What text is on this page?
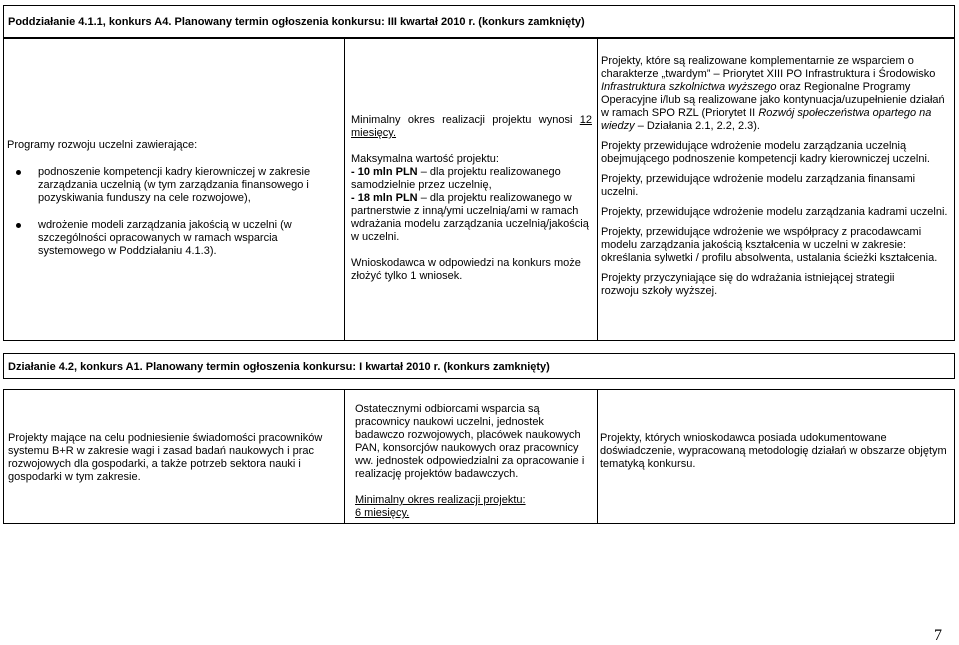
Poddziałanie 4.1.1, konkurs A4. Planowany termin ogłoszenia konkursu: III kwartał 2010 r. (konkurs zamknięty)

Programy rozwoju uczelni zawierające:

podnoszenie kompetencji kadry kierowniczej w zakresie zarządzania uczelnią (w tym zarządzania finansowego i pozyskiwania funduszy na cele rozwojowe),
wdrożenie modeli zarządzania jakością w uczelni (w szczególności opracowanych w ramach wsparcia systemowego w Poddziałaniu 4.1.3).

Minimalny okres realizacji projektu wynosi 12 miesięcy.

Maksymalna wartość projektu:

- 10 mln PLN – dla projektu realizowanego samodzielnie przez uczelnię,

- 18 mln PLN – dla projektu realizowanego w partnerstwie z inną/ymi uczelnią/ami w ramach wdrażania modelu zarządzania uczelnią/jakością w uczelni.

Wnioskodawca w odpowiedzi na konkurs może złożyć tylko 1 wniosek.

Projekty, które są realizowane komplementarnie ze wsparciem o charakterze „twardym” – Priorytet XIII PO Infrastruktura i Środowisko Infrastruktura szkolnictwa wyższego oraz Regionalne Programy Operacyjne i/lub są realizowane jako kontynuacja/uzupełnienie działań w ramach SPO RZL (Priorytet II Rozwój społeczeństwa opartego na wiedzy – Działania 2.1, 2.2, 2.3).

Projekty przewidujące wdrożenie modelu zarządzania uczelnią obejmującego podnoszenie kompetencji kadry kierowniczej uczelni.

Projekty, przewidujące wdrożenie modelu zarządzania finansami uczelni.

Projekty, przewidujące wdrożenie modelu zarządzania kadrami uczelni.

Projekty, przewidujące wdrożenie we współpracy z pracodawcami modelu zarządzania jakością kształcenia w uczelni w zakresie: określania sylwetki / profilu absolwenta, ustalania ścieżki kształcenia.

Projekty przyczyniające się do wdrażania istniejącej strategii rozwoju szkoły wyższej.

Działanie 4.2, konkurs A1. Planowany termin ogłoszenia konkursu: I kwartał 2010 r. (konkurs zamknięty)
Projekty mające na celu podniesienie świadomości pracowników systemu B+R w zakresie wagi i zasad badań naukowych i prac rozwojowych dla gospodarki, a także potrzeb sektora nauki i gospodarki w tym zakresie.

Ostatecznymi odbiorcami wsparcia są pracownicy naukowi uczelni, jednostek badawczo rozwojowych, placówek naukowych PAN, konsorcjów naukowych oraz pracownicy ww. jednostek odpowiedzialni za opracowanie i realizację projektów badawczych.

Minimalny okres realizacji projektu:

6 miesięcy.

Projekty, których wnioskodawca posiada udokumentowane doświadczenie, wypracowaną metodologię działań w obszarze objętym tematyką konkursu.
7
